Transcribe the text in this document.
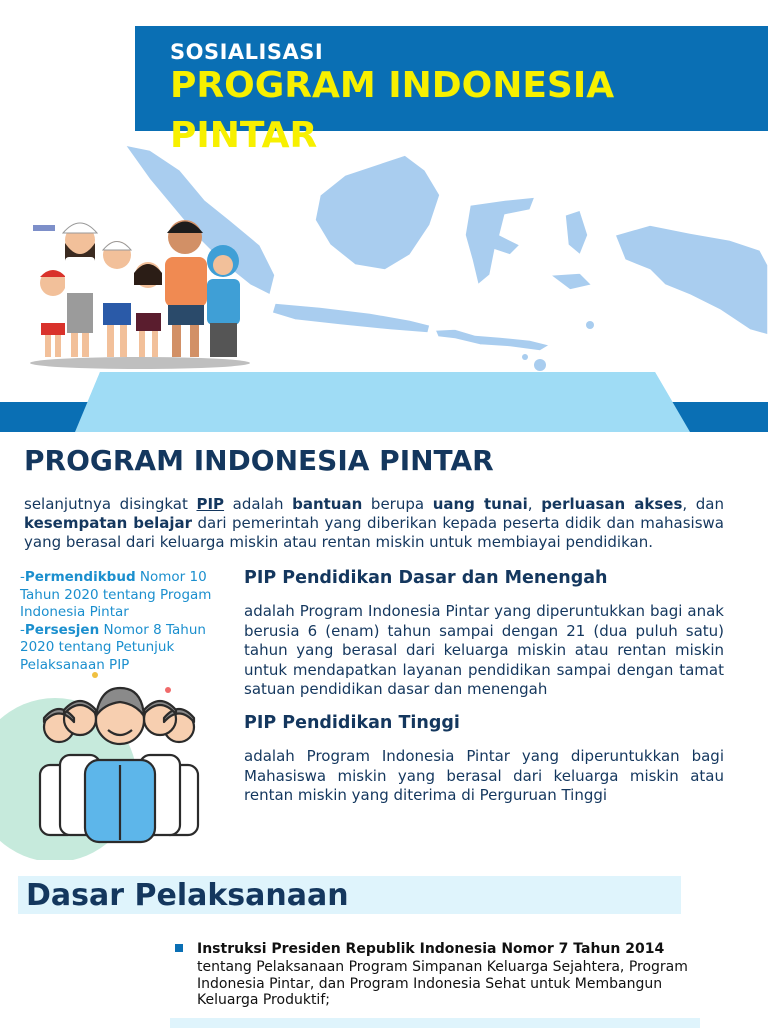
SOSIALISASI
PROGRAM INDONESIA
PINTAR
PROGRAM INDONESIA PINTAR
selanjutnya disingkat PIP adalah bantuan berupa uang tunai, perluasan akses, dan kesempatan belajar dari pemerintah yang diberikan kepada peserta didik dan mahasiswa yang berasal dari keluarga miskin atau rentan miskin untuk membiayai pendidikan.
-Permendikbud Nomor 10 Tahun 2020 tentang Progam Indonesia Pintar
-Persesjen Nomor 8 Tahun 2020 tentang Petunjuk Pelaksanaan PIP
PIP Pendidikan Dasar dan Menengah
adalah Program Indonesia Pintar yang diperuntukkan bagi anak berusia 6 (enam) tahun sampai dengan 21 (dua puluh satu) tahun yang berasal dari keluarga miskin atau rentan miskin untuk mendapatkan layanan pendidikan sampai dengan tamat satuan pendidikan dasar dan menengah
PIP Pendidikan Tinggi
adalah Program Indonesia Pintar yang diperuntukkan bagi Mahasiswa miskin yang berasal dari keluarga miskin atau rentan miskin yang diterima di Perguruan Tinggi
Dasar Pelaksanaan
Instruksi Presiden Republik Indonesia Nomor 7 Tahun 2014
tentang Pelaksanaan Program Simpanan Keluarga Sejahtera, Program Indonesia Pintar, dan Program Indonesia Sehat untuk Membangun Keluarga Produktif;
